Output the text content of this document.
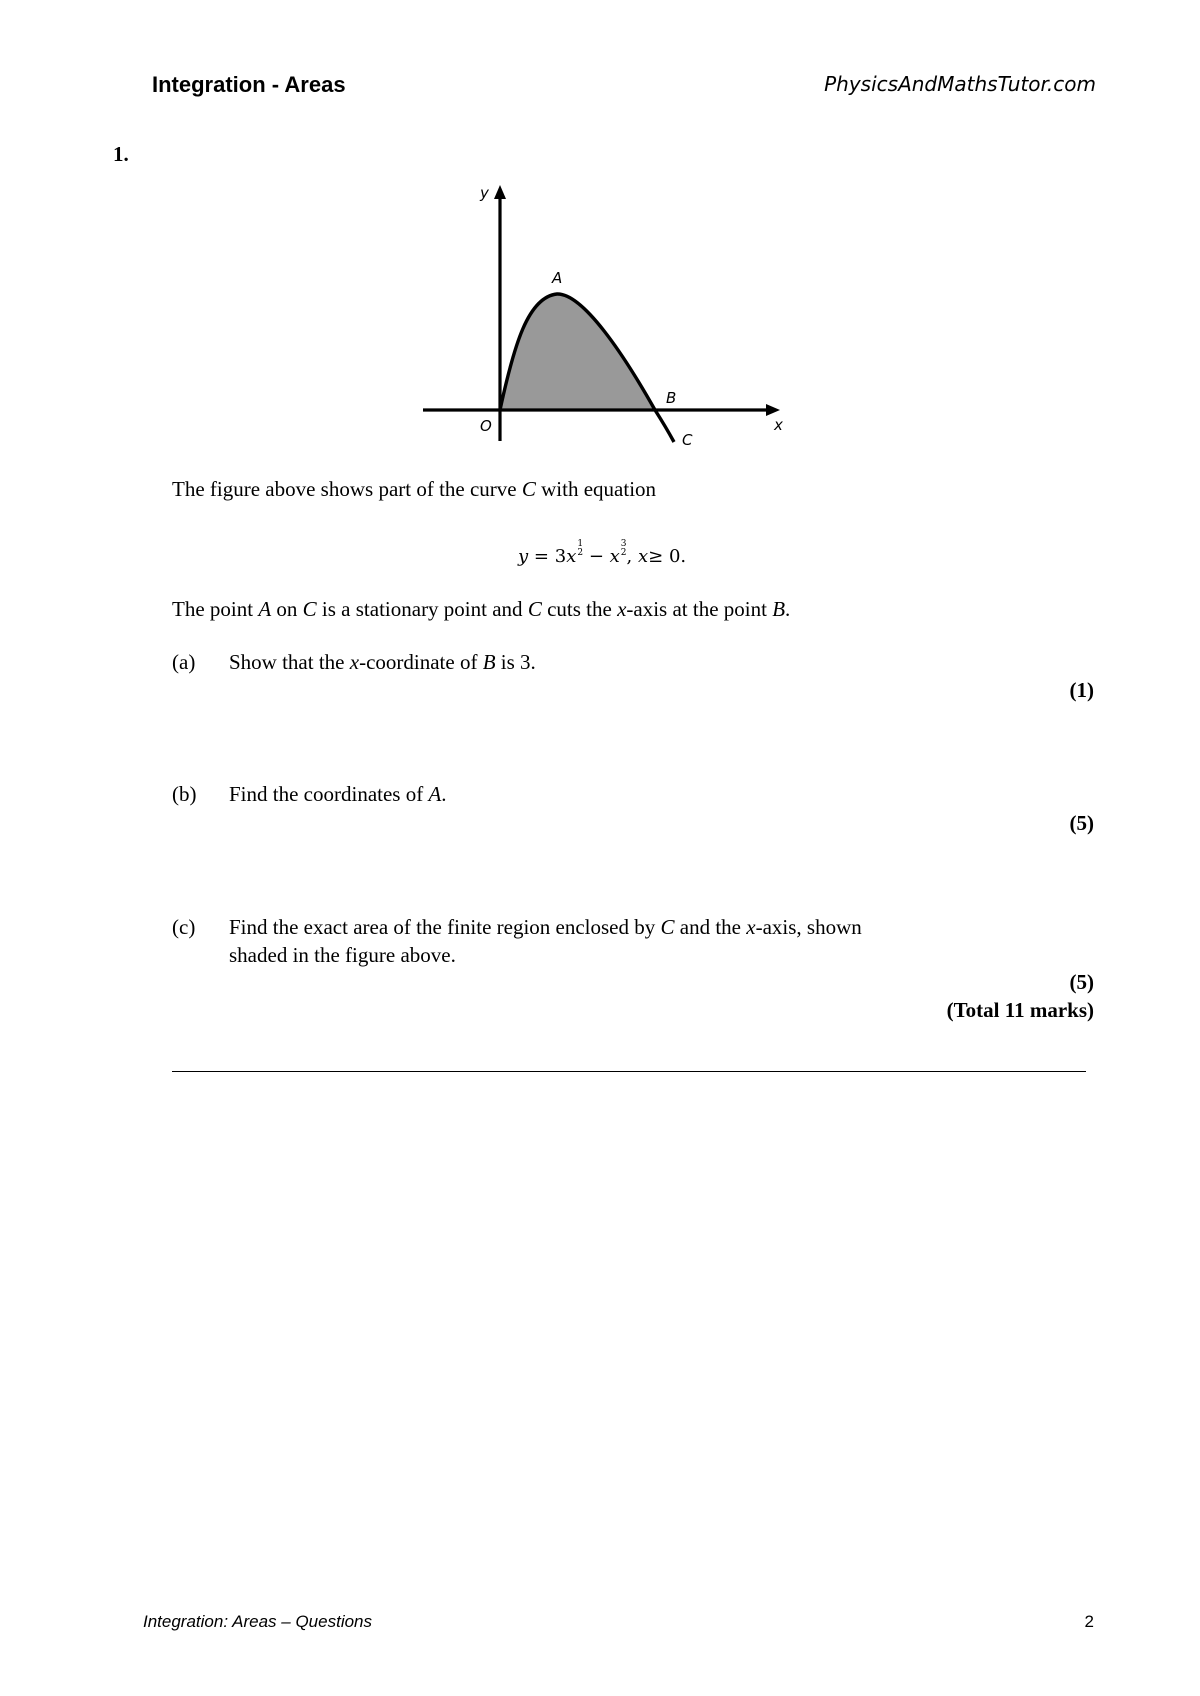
Integration - Areas	PhysicsAndMathsTutor.com
1.
y
A
B
O	x
C
The figure above shows part of the curve C with equation
y = 3x
1
2 − x
3
2 , x≥ 0.
The point A on C is a stationary point and C cuts the x-axis at the point B.
(a) Show that the x-coordinate of B is 3.
(1)
(b) Find the coordinates of A.
(5)
(c) Find the exact area of the finite region enclosed by C and the x-axis, shown
shaded in the figure above.
(5)
(Total 11 marks)
Integration: Areas – Questions	2
